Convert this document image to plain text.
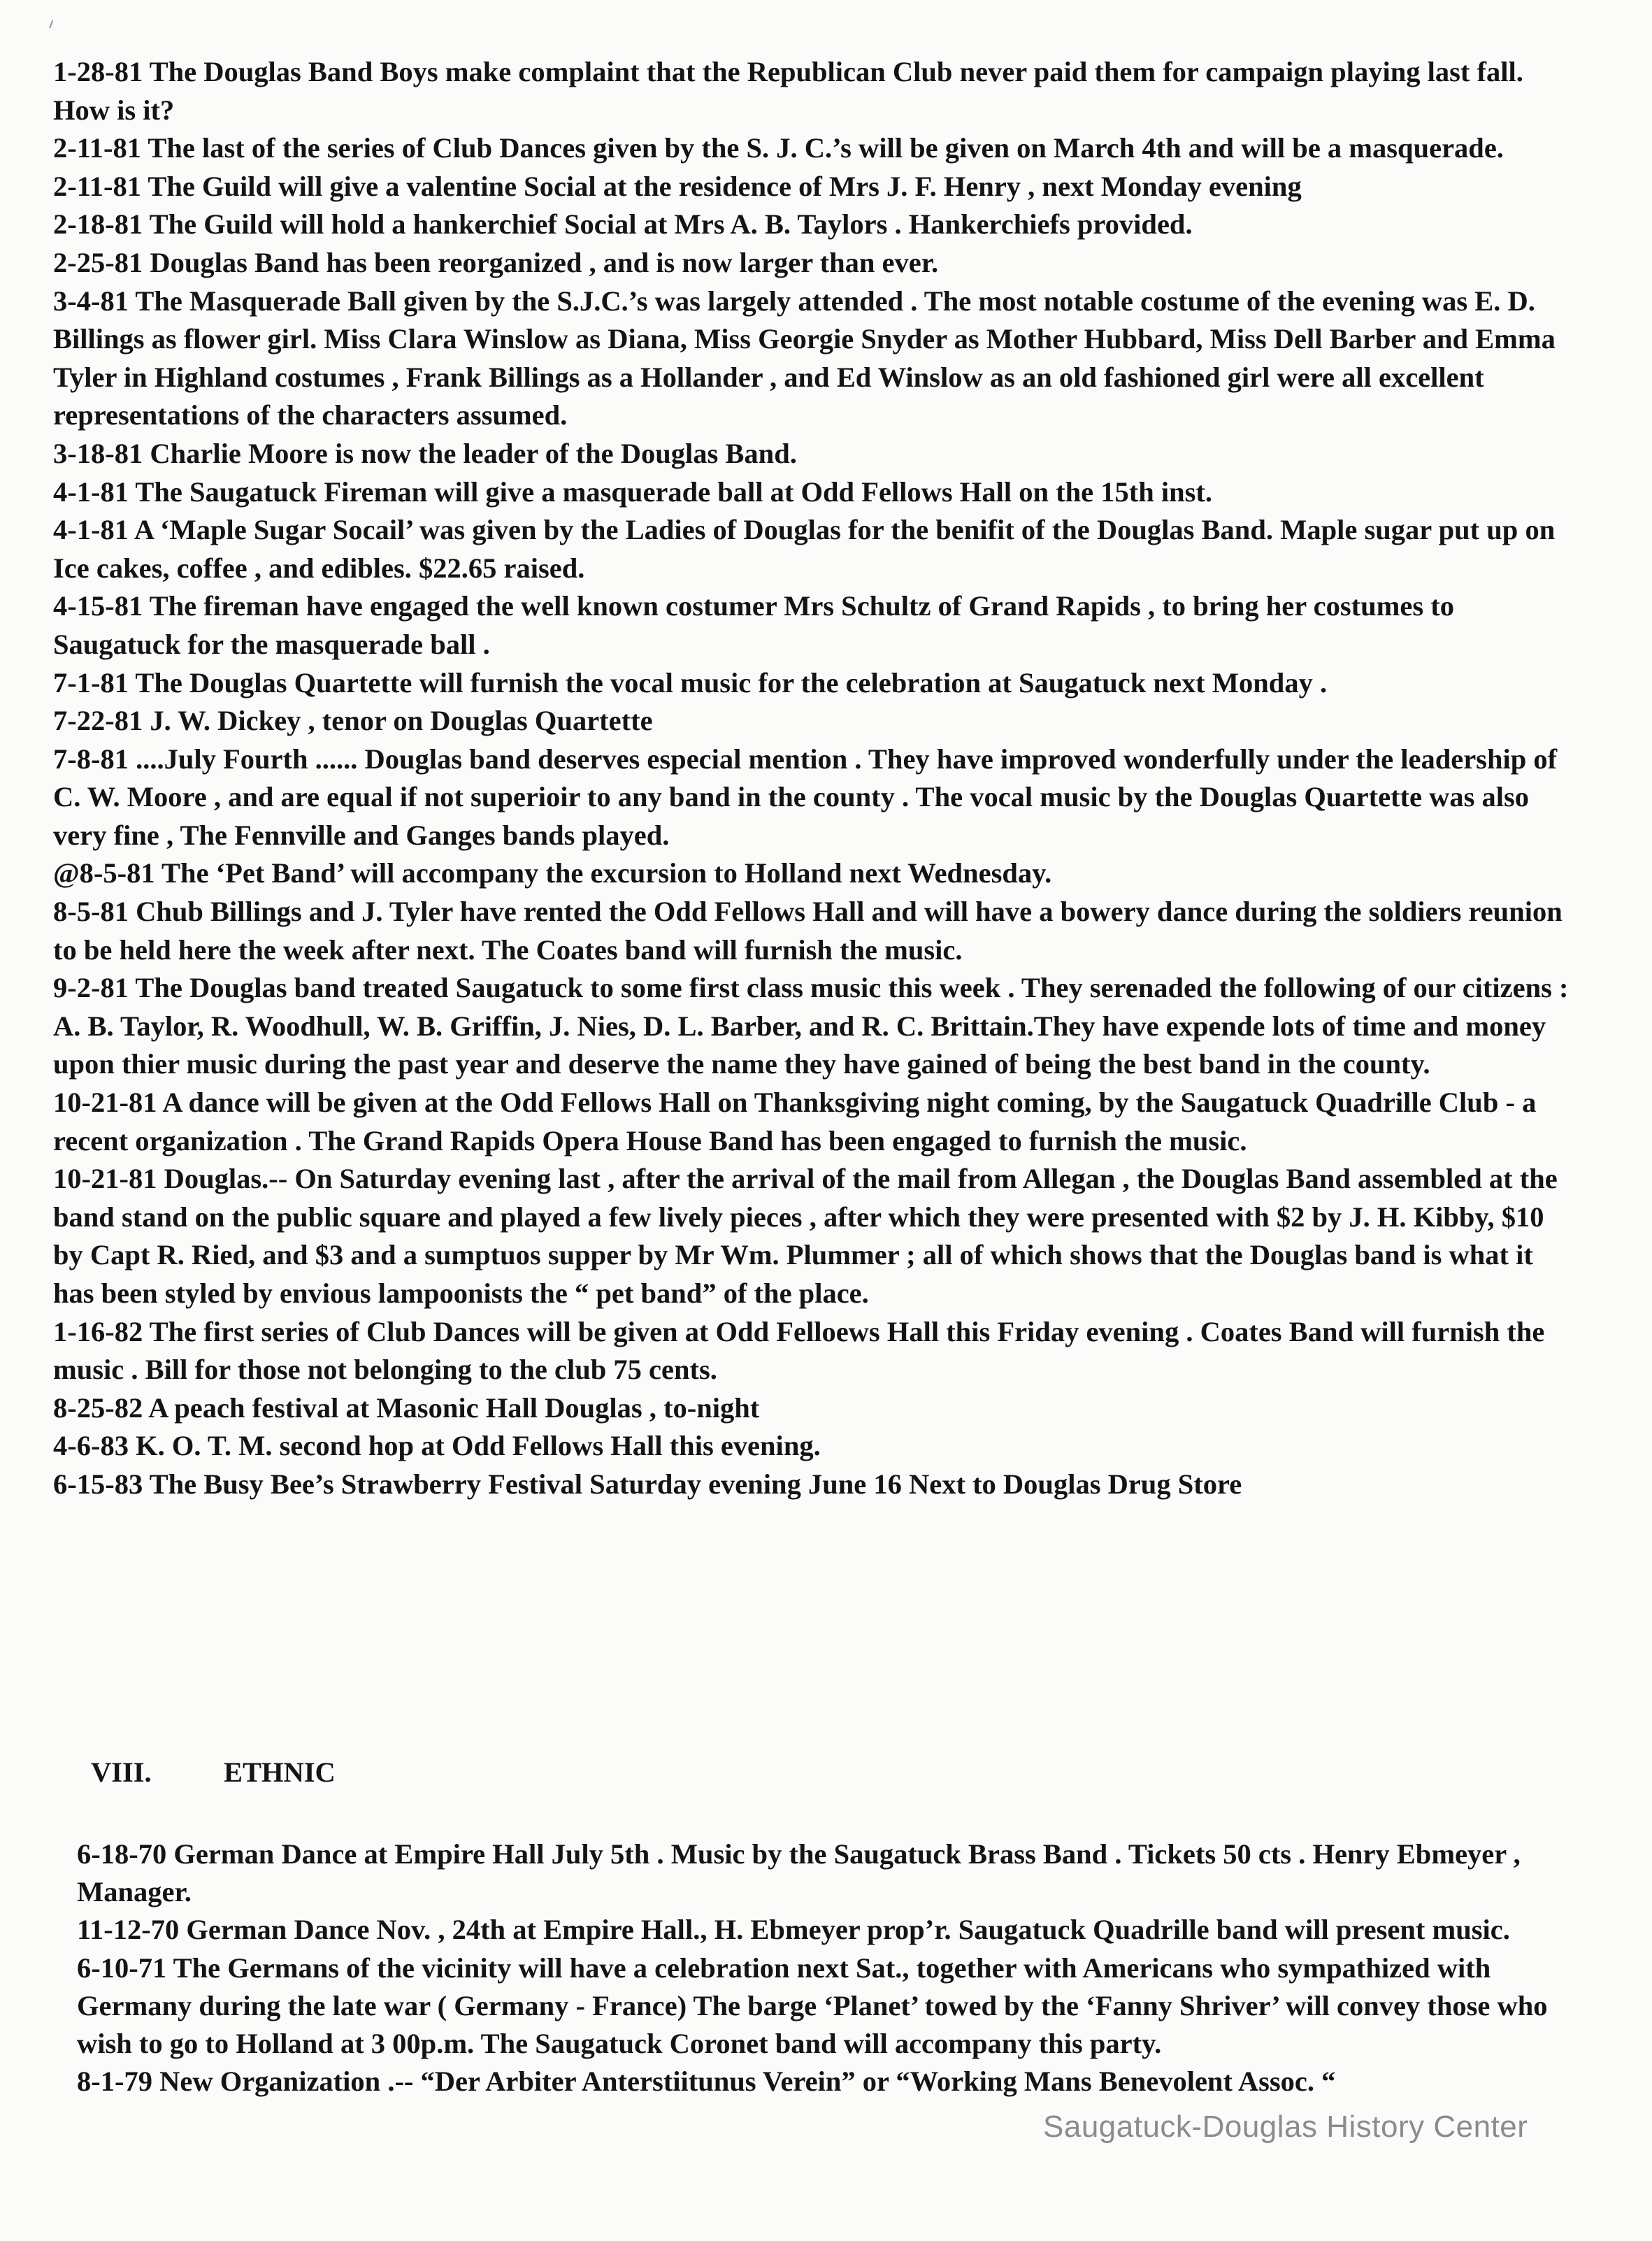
1-28-81 The Douglas Band Boys make complaint that the Republican Club never paid them for campaign playing last fall. How is it?

2-11-81 The last of the series of Club Dances given by the S. J. C.’s will be given on March 4th and will be a masquerade.

2-11-81 The Guild will give a valentine Social at the residence of Mrs J. F. Henry , next Monday evening

2-18-81 The Guild will hold a hankerchief Social at Mrs A. B. Taylors . Hankerchiefs provided.

2-25-81 Douglas Band has been reorganized , and is now larger than ever.

3-4-81 The Masquerade Ball given by the S.J.C.’s was largely attended . The most notable costume of the evening was E. D. Billings as flower girl. Miss Clara Winslow as Diana, Miss Georgie Snyder as Mother Hubbard, Miss Dell Barber and Emma Tyler in Highland costumes , Frank Billings as a Hollander , and Ed Winslow as an old fashioned girl were all excellent representations of the characters assumed.

3-18-81 Charlie Moore is now the leader of the Douglas Band.

4-1-81 The Saugatuck Fireman will give a masquerade ball at Odd Fellows Hall on the 15th inst.

4-1-81 A ‘Maple Sugar Socail’ was given by the Ladies of Douglas for the benifit of the Douglas Band. Maple sugar put up on Ice cakes, coffee , and edibles. $22.65 raised.

4-15-81 The fireman have engaged the well known costumer Mrs Schultz of Grand Rapids , to bring her costumes to Saugatuck for the masquerade ball .

7-1-81 The Douglas Quartette will furnish the vocal music for the celebration at Saugatuck next Monday .

7-22-81 J. W. Dickey , tenor on Douglas Quartette

7-8-81 ....July Fourth ...... Douglas band deserves especial mention . They have improved wonderfully under the leadership of C. W. Moore , and are equal if not superioir to any band in the county . The vocal music by the Douglas Quartette was also very fine , The Fennville and Ganges bands played.

@8-5-81 The ‘Pet Band’ will accompany the excursion to Holland next Wednesday.

8-5-81 Chub Billings and J. Tyler have rented the Odd Fellows Hall and will have a bowery dance during the soldiers reunion to be held here the week after next. The Coates band will furnish the music.

9-2-81 The Douglas band treated Saugatuck to some first class music this week . They serenaded the following of our citizens : A. B. Taylor, R. Woodhull, W. B. Griffin, J. Nies, D. L. Barber, and R. C. Brittain.They have expende lots of time and money upon thier music during the past year and deserve the name they have gained of being the best band in the county.

10-21-81 A dance will be given at the Odd Fellows Hall on Thanksgiving night coming, by the Saugatuck Quadrille Club - a recent organization . The Grand Rapids Opera House Band has been engaged to furnish the music.

10-21-81 Douglas.-- On Saturday evening last , after the arrival of the mail from Allegan , the Douglas Band assembled at the band stand on the public square and played a few lively pieces , after which they were presented with $2 by J. H. Kibby, $10 by Capt R. Ried, and $3 and a sumptuos supper by Mr Wm. Plummer ; all of which shows that the Douglas band is what it has been styled by envious lampoonists the “ pet band” of the place.

1-16-82 The first series of Club Dances will be given at Odd Felloews Hall this Friday evening . Coates Band will furnish the music . Bill for those not belonging to the club 75 cents.

8-25-82 A peach festival at Masonic Hall Douglas , to-night

4-6-83 K. O. T. M. second hop at Odd Fellows Hall this evening.

6-15-83 The Busy Bee’s Strawberry Festival Saturday evening June 16 Next to Douglas Drug Store

VIII.	ETHNIC

6-18-70 German Dance at Empire Hall July 5th . Music by the Saugatuck Brass Band . Tickets 50 cts . Henry Ebmeyer , Manager.

11-12-70 German Dance Nov. , 24th at Empire Hall., H. Ebmeyer prop’r. Saugatuck Quadrille band will present music.

6-10-71 The Germans of the vicinity will have a celebration next Sat., together with Americans who sympathized with Germany during the late war ( Germany - France) The barge ‘Planet’ towed by the ‘Fanny Shriver’ will convey those who wish to go to Holland at 3 00p.m. The Saugatuck Coronet band will accompany this party.

8-1-79 New Organization .-- “Der Arbiter Anterstiitunus Verein” or “Working Mans Benevolent Assoc. “

Saugatuck-Douglas History Center
